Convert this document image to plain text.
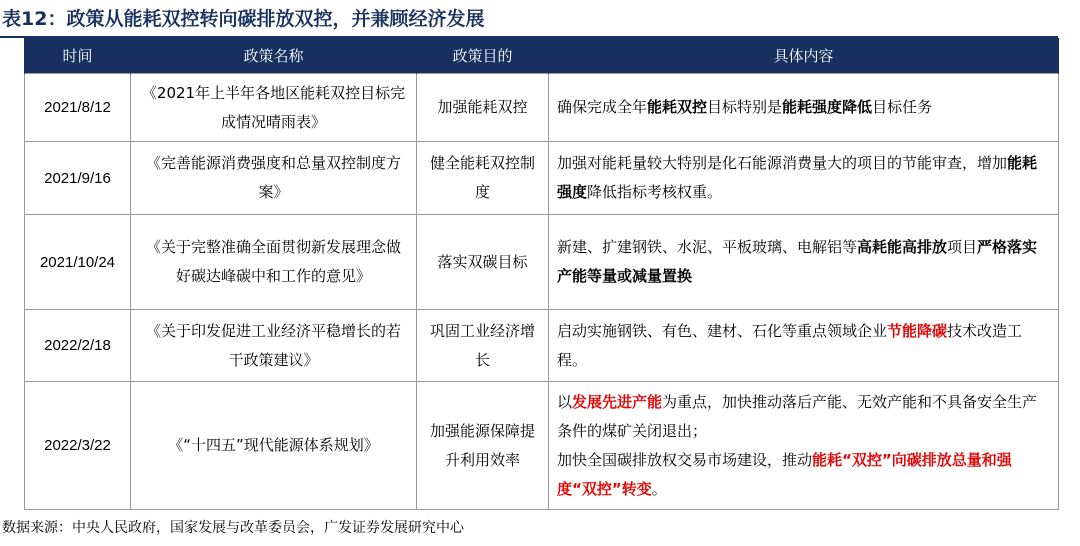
表12：政策从能耗双控转向碳排放双控，并兼顾经济发展
时间	政策名称	政策目的	具体内容
2021/8/12	《2021年上半年各地区能耗双控目标完成情况晴雨表》	加强能耗双控	确保完成全年能耗双控目标特别是能耗强度降低目标任务

2021/9/16	《完善能源消费强度和总量双控制度方案》	健全能耗双控制度	加强对能耗量较大特别是化石能源消费量大的项目的节能审查，增加能耗强度降低指标考核权重。

2021/10/24	《关于完整准确全面贯彻新发展理念做好碳达峰碳中和工作的意见》	落实双碳目标	新建、扩建钢铁、水泥、平板玻璃、电解铝等高耗能高排放项目严格落实产能等量或减量置换

2022/2/18	《关于印发促进工业经济平稳增长的若干政策建议》	巩固工业经济增长	启动实施钢铁、有色、建材、石化等重点领域企业节能降碳技术改造工程。

2022/3/22	《“十四五”现代能源体系规划》	加强能源保障提升利用效率	以发展先进产能为重点，加快推动落后产能、无效产能和不具备安全生产条件的煤矿关闭退出；
加快全国碳排放权交易市场建设，推动能耗“双控”向碳排放总量和强度“双控”转变。
数据来源：中央人民政府，国家发展与改革委员会，广发证券发展研究中心
